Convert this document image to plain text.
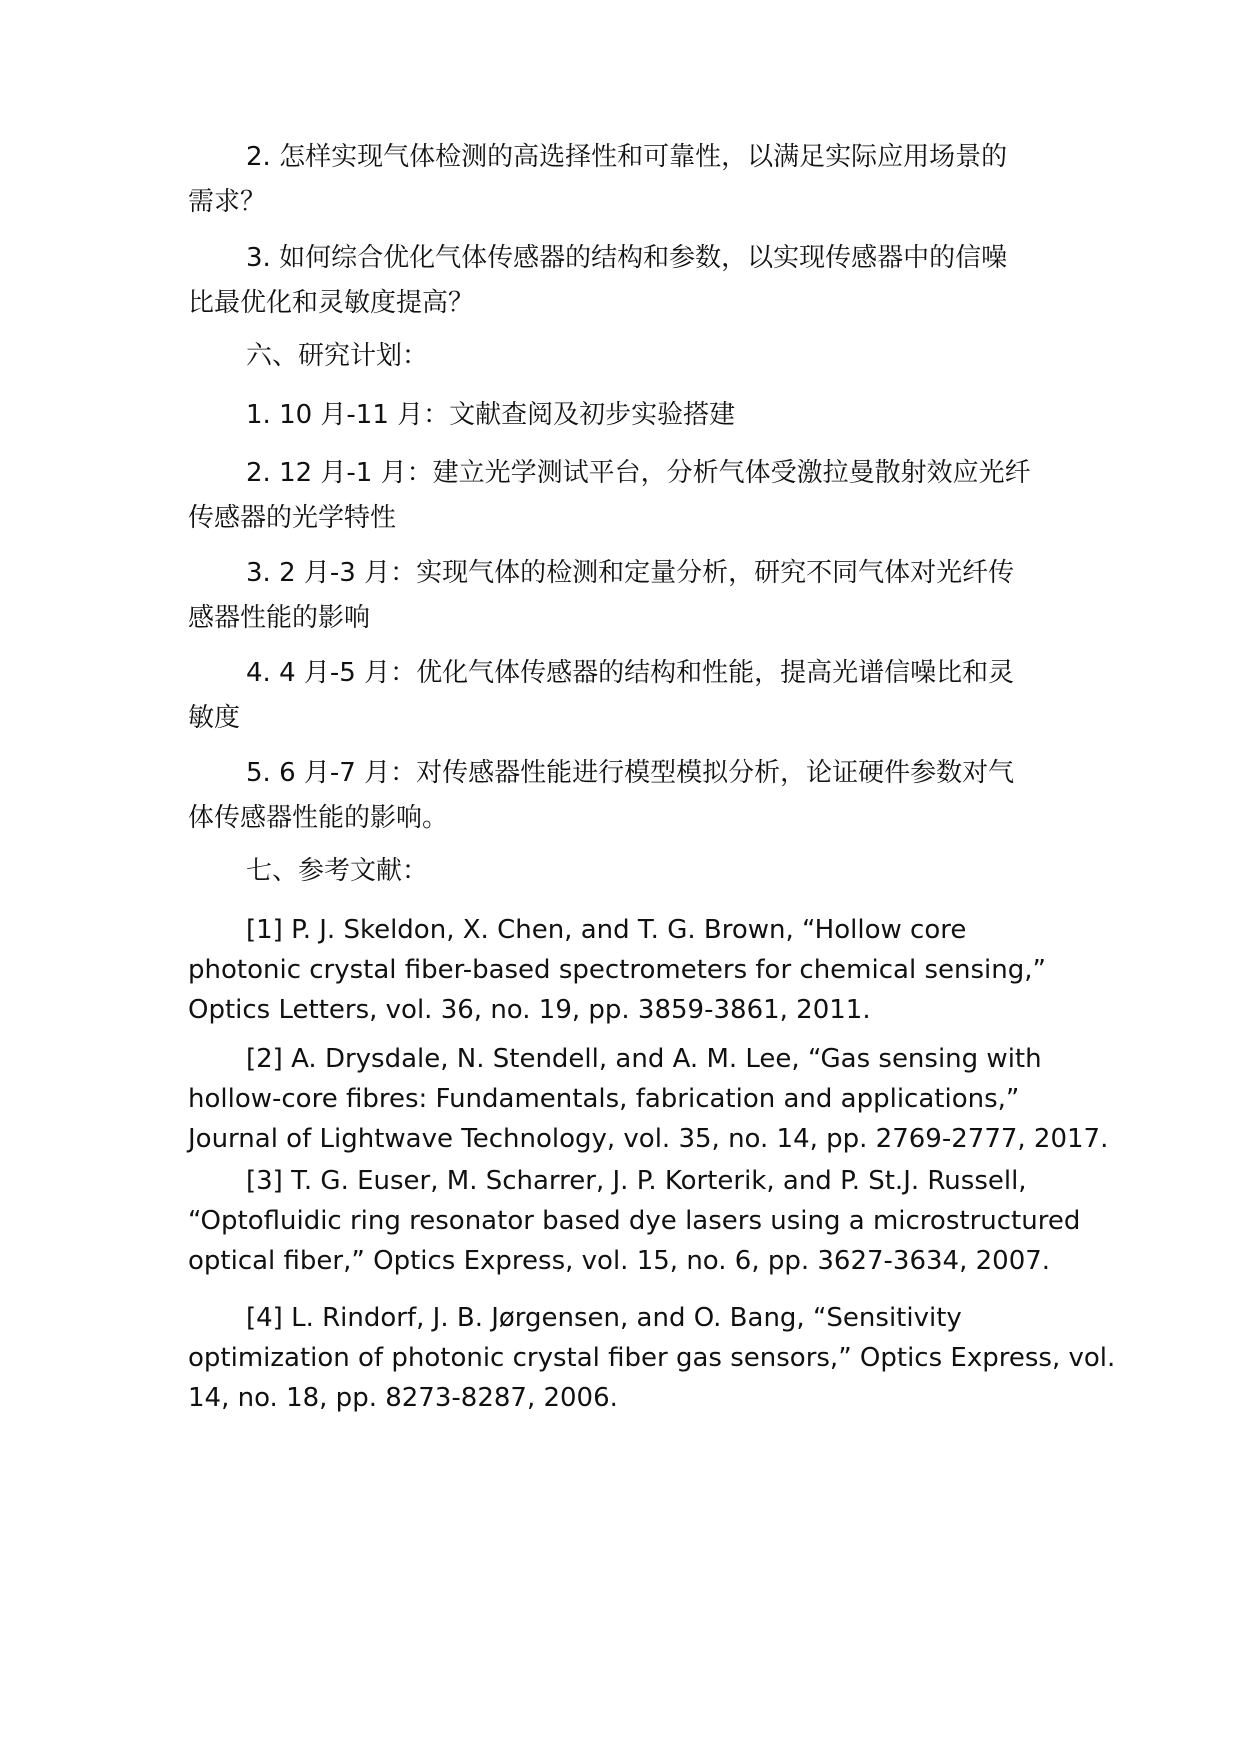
2. 怎样实现气体检测的高选择性和可靠性，以满足实际应用场景的
需求？

3. 如何综合优化气体传感器的结构和参数，以实现传感器中的信噪
比最优化和灵敏度提高？

六、研究计划：

1. 10 月-11 月：文献查阅及初步实验搭建

2. 12 月-1 月：建立光学测试平台，分析气体受激拉曼散射效应光纤
传感器的光学特性

3. 2 月-3 月：实现气体的检测和定量分析，研究不同气体对光纤传
感器性能的影响

4. 4 月-5 月：优化气体传感器的结构和性能，提高光谱信噪比和灵
敏度

5. 6 月-7 月：对传感器性能进行模型模拟分析，论证硬件参数对气
体传感器性能的影响。

七、参考文献：

[1] P. J. Skeldon, X. Chen, and T. G. Brown, “Hollow core
photonic crystal fiber-based spectrometers for chemical sensing,”
Optics Letters, vol. 36, no. 19, pp. 3859-3861, 2011.

[2] A. Drysdale, N. Stendell, and A. M. Lee, “Gas sensing with
hollow-core fibres: Fundamentals, fabrication and applications,”
Journal of Lightwave Technology, vol. 35, no. 14, pp. 2769-2777, 2017.

[3] T. G. Euser, M. Scharrer, J. P. Korterik, and P. St.J. Russell,
“Optofluidic ring resonator based dye lasers using a microstructured
optical fiber,” Optics Express, vol. 15, no. 6, pp. 3627-3634, 2007.

[4] L. Rindorf, J. B. Jørgensen, and O. Bang, “Sensitivity
optimization of photonic crystal fiber gas sensors,” Optics Express, vol.
14, no. 18, pp. 8273-8287, 2006.
